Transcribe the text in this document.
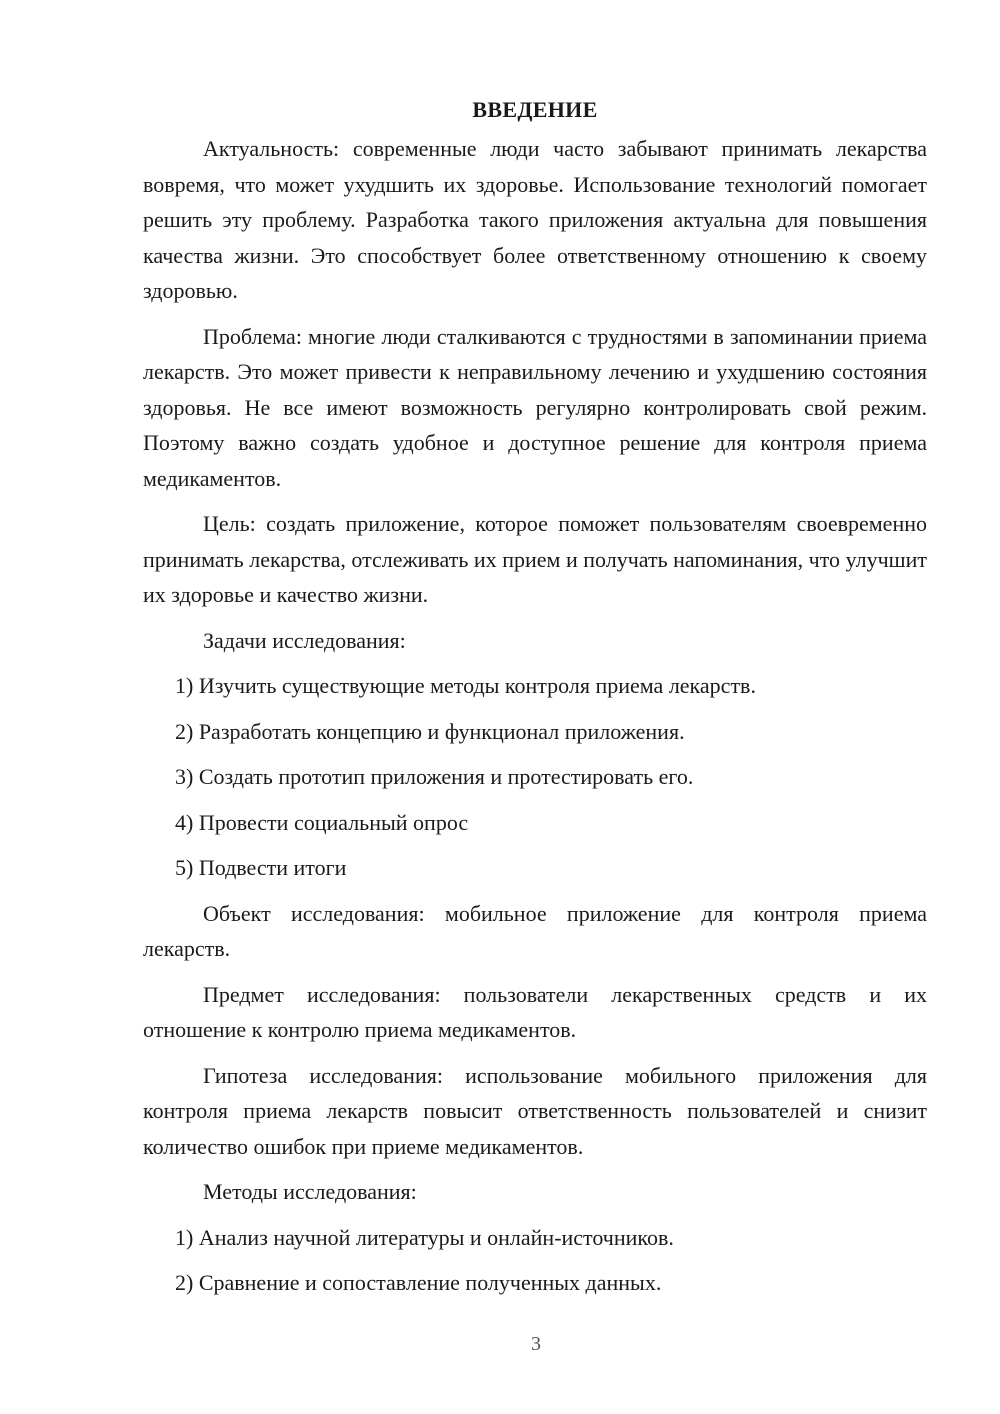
ВВЕДЕНИЕ

Актуальность: современные люди часто забывают принимать лекарства вовремя, что может ухудшить их здоровье. Использование технологий помогает решить эту проблему. Разработка такого приложения актуальна для повышения качества жизни. Это способствует более ответственному отношению к своему здоровью.

Проблема: многие люди сталкиваются с трудностями в запоминании приема лекарств. Это может привести к неправильному лечению и ухудшению состояния здоровья. Не все имеют возможность регулярно контролировать свой режим. Поэтому важно создать удобное и доступное решение для контроля приема медикаментов.

Цель: создать приложение, которое поможет пользователям своевременно принимать лекарства, отслеживать их прием и получать напоминания, что улучшит их здоровье и качество жизни.

Задачи исследования:
1) Изучить существующие методы контроля приема лекарств.
2) Разработать концепцию и функционал приложения.
3) Создать прототип приложения и протестировать его.
4) Провести социальный опрос
5) Подвести итоги

Объект исследования: мобильное приложение для контроля приема лекарств.

Предмет исследования: пользователи лекарственных средств и их отношение к контролю приема медикаментов.

Гипотеза исследования: использование мобильного приложения для контроля приема лекарств повысит ответственность пользователей и снизит количество ошибок при приеме медикаментов.

Методы исследования:
1) Анализ научной литературы и онлайн-источников.
2) Сравнение и сопоставление полученных данных.
3
